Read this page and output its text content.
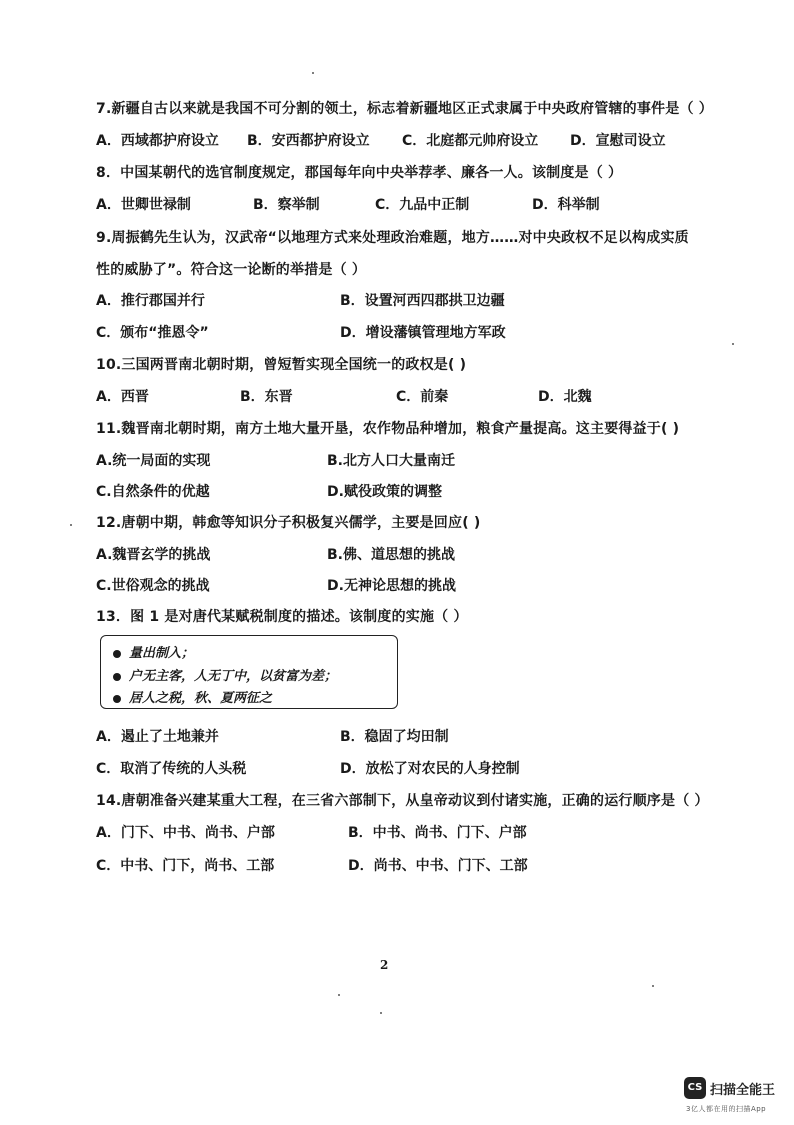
7.新疆自古以来就是我国不可分割的领土，标志着新疆地区正式隶属于中央政府管辖的事件是（ ）
A．西域都护府设立 B．安西都护府设立 C．北庭都元帅府设立 D．宣慰司设立
8．中国某朝代的选官制度规定，郡国每年向中央举荐孝、廉各一人。该制度是（ ）
A．世卿世禄制	B．察举制	C．九品中正制	D．科举制
9.周振鹤先生认为，汉武帝“以地理方式来处理政治难题，地方……对中央政权不足以构成实质
性的威胁了”。符合这一论断的举措是（ ）
A．推行郡国并行	B．设置河西四郡拱卫边疆
C．颁布“推恩令”	D．增设藩镇管理地方军政
10.三国两晋南北朝时期，曾短暂实现全国统一的政权是( )
A．西晋	B．东晋	C．前秦	D．北魏
11.魏晋南北朝时期，南方土地大量开垦，农作物品种增加，粮食产量提高。这主要得益于( )
A.统一局面的实现	B.北方人口大量南迁
C.自然条件的优越	D.赋役政策的调整
12.唐朝中期，韩愈等知识分子积极复兴儒学，主要是回应( )
A.魏晋玄学的挑战	B.佛、道思想的挑战
C.世俗观念的挑战	D.无神论思想的挑战
13．图 1 是对唐代某赋税制度的描述。该制度的实施（ ）
量出制入；
户无主客，人无丁中，以贫富为差；
居人之税，秋、夏两征之
A．遏止了土地兼并	B．稳固了均田制
C．取消了传统的人头税	D．放松了对农民的人身控制
14.唐朝准备兴建某重大工程，在三省六部制下，从皇帝动议到付诸实施，正确的运行顺序是（ ）
A．门下、中书、尚书、户部	B．中书、尚书、门下、户部
C．中书、门下，尚书、工部	D．尚书、中书、门下、工部
2
CS 扫描全能王
3亿人都在用的扫描App
